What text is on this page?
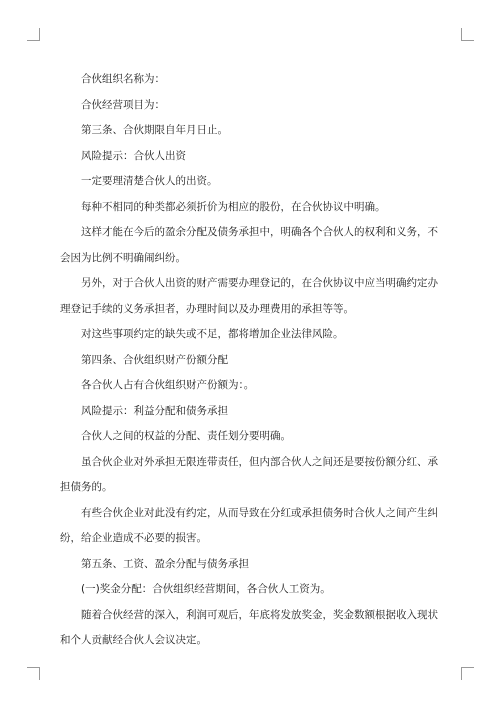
合伙组织名称为：

合伙经营项目为：

第三条、合伙期限自年月日止。

风险提示：合伙人出资

一定要理清楚合伙人的出资。

每种不相同的种类都必须折价为相应的股份，在合伙协议中明确。

这样才能在今后的盈余分配及债务承担中，明确各个合伙人的权利和义务，不会因为比例不明确闹纠纷。

另外，对于合伙人出资的财产需要办理登记的，在合伙协议中应当明确约定办理登记手续的义务承担者，办理时间以及办理费用的承担等等。

对这些事项约定的缺失或不足，都将增加企业法律风险。

第四条、合伙组织财产份额分配

各合伙人占有合伙组织财产份额为：。

风险提示：利益分配和债务承担

合伙人之间的权益的分配、责任划分要明确。

虽合伙企业对外承担无限连带责任，但内部合伙人之间还是要按份额分红、承担债务的。

有些合伙企业对此没有约定，从而导致在分红或承担债务时合伙人之间产生纠纷，给企业造成不必要的损害。

第五条、工资、盈余分配与债务承担

(一)奖金分配：合伙组织经营期间，各合伙人工资为。

随着合伙经营的深入，利润可观后，年底将发放奖金，奖金数额根据收入现状和个人贡献经合伙人会议决定。
